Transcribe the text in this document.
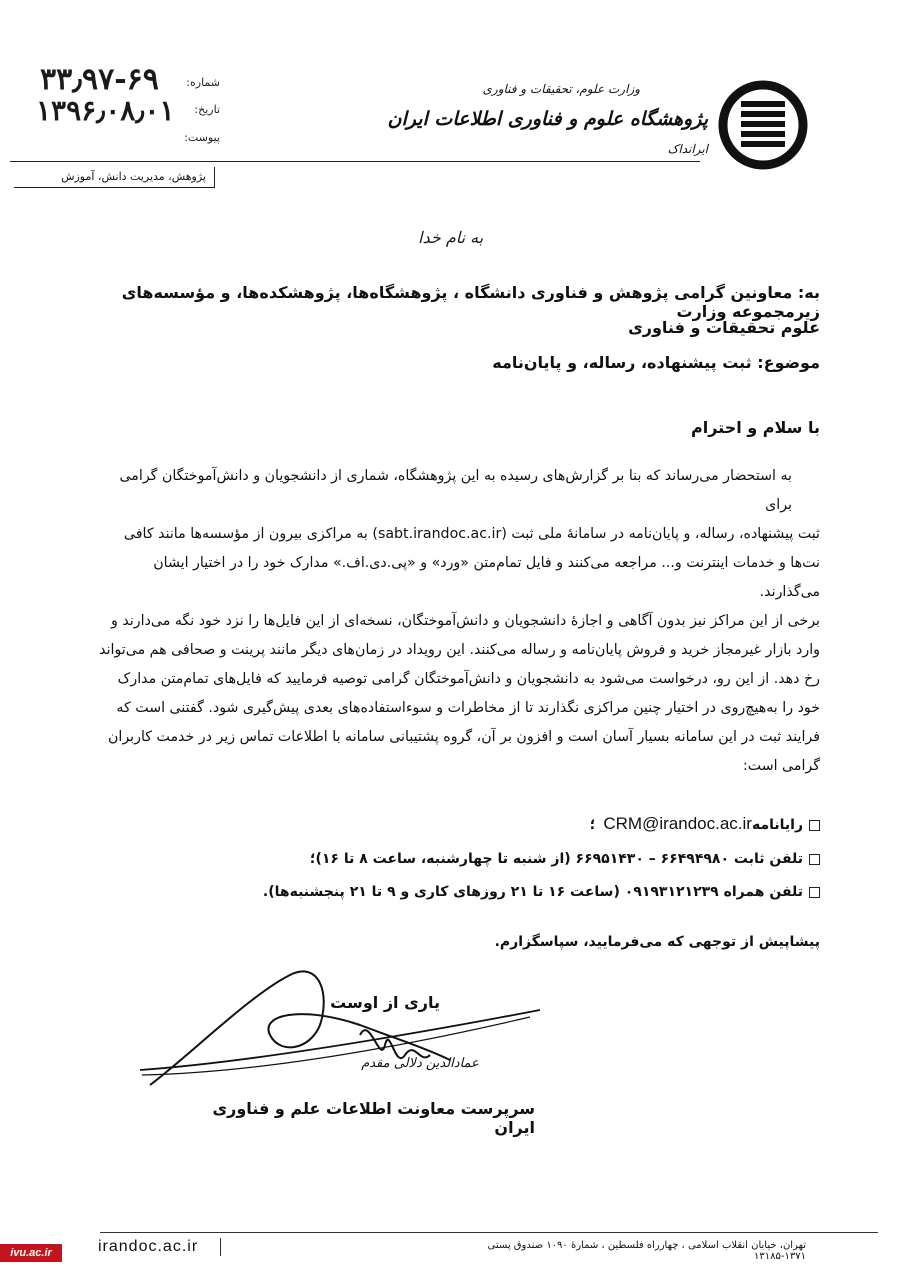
وزارت علوم، تحقیقات و فناوری
پژوهشگاه علوم و فناوری اطلاعات ایران
ایرانداک
شماره:
تاریخ:
پیوست:
۳۳٫۹۷-۶۹
۱۳۹۶٫۰۸٫۰۱
پژوهش، مدیریت دانش، آموزش
به نام خدا
به: معاونین گرامی پژوهش و فناوری دانشگاه ، پژوهشگاه‌ها، پژوهشکده‌ها، و مؤسسه‌های زیرمجموعه وزارت
علوم تحقیقات و فناوری
موضوع: ثبت پیشنهاده، رساله، و پایان‌نامه
با سلام و احترام
به استحضار می‌رساند که بنا بر گزارش‌های رسیده به این پژوهشگاه، شماری از دانشجویان و دانش‌آموختگان گرامی برای
ثبت پیشنهاده، رساله، و پایان‌نامه در سامانهٔ ملی ثبت (sabt.irandoc.ac.ir) به مراکزی بیرون از مؤسسه‌ها مانند کافی
نت‌ها و خدمات اینترنت و... مراجعه می‌کنند و فایل تمام‌متن «ورد» و «پی.دی.اف.» مدارک خود را در اختیار ایشان می‌گذارند.
برخی از این مراکز نیز بدون آگاهی و اجازهٔ دانشجویان و دانش‌آموختگان، نسخه‌ای از این فایل‌ها را نزد خود نگه می‌دارند و
وارد بازار غیرمجاز خرید و فروش پایان‌نامه و رساله می‌کنند. این رویداد در زمان‌های دیگر مانند پرینت و صحافی هم می‌تواند
رخ دهد. از این رو، درخواست می‌شود به دانشجویان و دانش‌آموختگان گرامی توصیه فرمایید که فایل‌های تمام‌متن مدارک
خود را به‌هیچ‌روی در اختیار چنین مراکزی نگذارند تا از مخاطرات و سوءاستفاده‌های بعدی پیش‌گیری شود. گفتنی است که
فرایند ثبت در این سامانه بسیار آسان است و افزون بر آن، گروه پشتیبانی سامانه با اطلاعات تماس زیر در خدمت کاربران
گرامی است:
رایانامهCRM@irandoc.ac.ir؛
تلفن ثابت ۶۶۴۹۴۹۸۰ – ۶۶۹۵۱۴۳۰ (از شنبه تا چهارشنبه، ساعت ۸ تا ۱۶)؛
تلفن همراه ۰۹۱۹۳۱۲۱۲۳۹ (ساعت ۱۶ تا ۲۱ روزهای کاری و ۹ تا ۲۱ پنجشنبه‌ها).
پیشاپیش از توجهی که می‌فرمایید، سپاسگزارم.
یاری از اوست
عمادالدین دلالی مقدم
سرپرست معاونت اطلاعات علم و فناوری ایران
irandoc.ac.ir	تهران، خیابان انقلاب اسلامی ، چهارراه فلسطین ، شمارهٔ ۱۰۹۰ صندوق پستی ۱۳۷۱-۱۳۱۸۵
ivu.ac.ir
